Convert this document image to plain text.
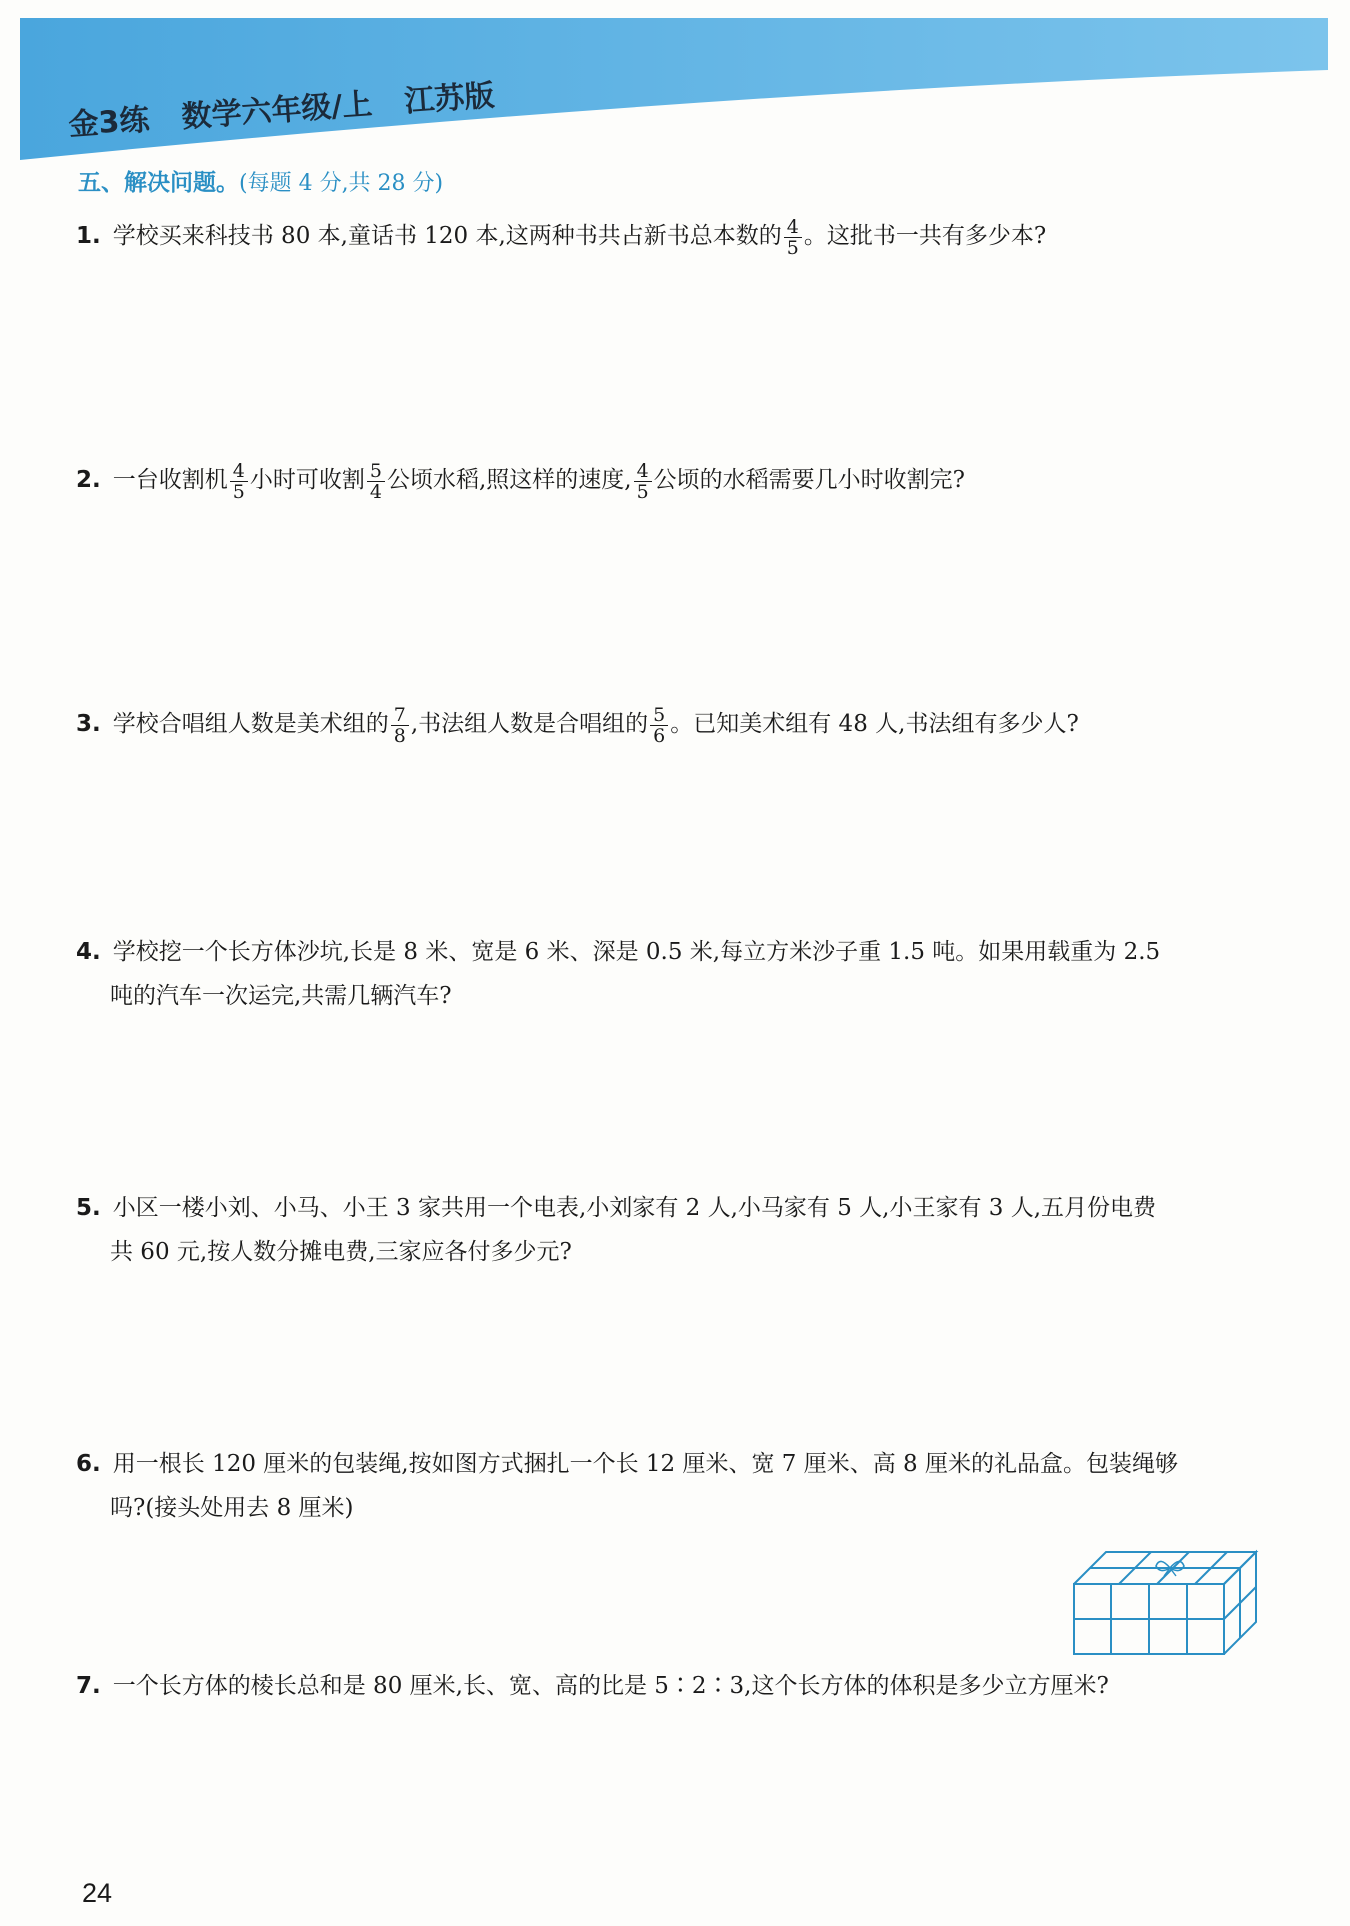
金3练 数学六年级/上 江苏版
五、解决问题。(每题 4 分,共 28 分)
1. 学校买来科技书 80 本,童话书 120 本,这两种书共占新书总本数的 $\frac{4}{5}$ 。这批书一共有多少本?
2. 一台收割机 $\frac{4}{5}$ 小时可收割 $\frac{5}{4}$ 公顷水稻,照这样的速度, $\frac{4}{5}$ 公顷的水稻需要几小时收割完?
3. 学校合唱组人数是美术组的 $\frac{7}{8}$ ,书法组人数是合唱组的 $\frac{5}{6}$ 。已知美术组有 48 人,书法组有多少人?
4. 学校挖一个长方体沙坑,长是 8 米、宽是 6 米、深是 0.5 米,每立方米沙子重 1.5 吨。如果用载重为 2.5
吨的汽车一次运完,共需几辆汽车?
5. 小区一楼小刘、小马、小王 3 家共用一个电表,小刘家有 2 人,小马家有 5 人,小王家有 3 人,五月份电费
共 60 元,按人数分摊电费,三家应各付多少元?
6. 用一根长 120 厘米的包装绳,按如图方式捆扎一个长 12 厘米、宽 7 厘米、高 8 厘米的礼品盒。包装绳够
吗?(接头处用去 8 厘米)
7. 一个长方体的棱长总和是 80 厘米,长、宽、高的比是 5∶2∶3,这个长方体的体积是多少立方厘米?
24
